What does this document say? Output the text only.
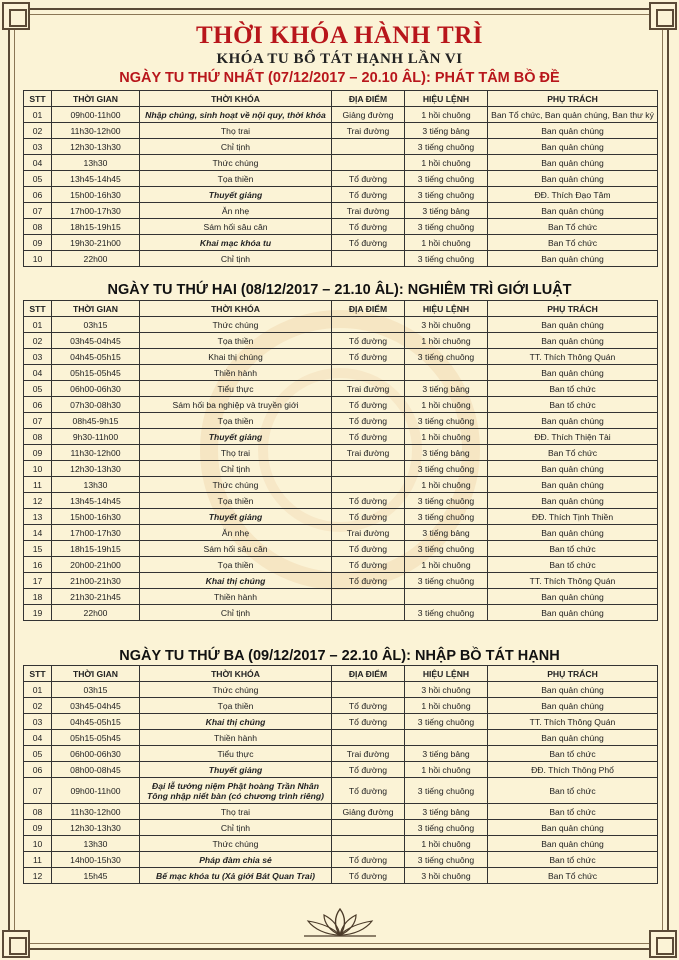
THỜI KHÓA HÀNH TRÌ
KHÓA TU BỔ TÁT HẠNH LẦN VI
NGÀY TU THỨ NHẤT (07/12/2017 – 20.10 ÂL): PHÁT TÂM BỒ ĐỀ
STT	THỜI GIAN	THỜI KHÓA	ĐỊA ĐIỂM	HIỆU LỆNH	PHỤ TRÁCH
01	09h00-11h00	Nhập chúng, sinh hoạt về nội quy, thời khóa	Giảng đường	1 hồi chuông	Ban Tổ chức, Ban quản chúng, Ban thư ký
02	11h30-12h00	Thọ trai	Trai đường	3 tiếng bảng	Ban quản chúng
03	12h30-13h30	Chỉ tịnh		3 tiếng chuông	Ban quản chúng
04	13h30	Thức chúng		1 hồi chuông	Ban quản chúng
05	13h45-14h45	Tọa thiền	Tổ đường	3 tiếng chuông	Ban quản chúng
06	15h00-16h30	Thuyết giảng	Tổ đường	3 tiếng chuông	ĐĐ. Thích Đạo Tâm
07	17h00-17h30	Ăn nhẹ	Trai đường	3 tiếng bảng	Ban quản chúng
08	18h15-19h15	Sám hối sâu cân	Tổ đường	3 tiếng chuông	Ban Tổ chức
09	19h30-21h00	Khai mạc khóa tu	Tổ đường	1 hồi chuông	Ban Tổ chức
10	22h00	Chỉ tịnh		3 tiếng chuông	Ban quản chúng
NGÀY TU THỨ HAI (08/12/2017 – 21.10 ÂL): NGHIÊM TRÌ GIỚI LUẬT
STT	THỜI GIAN	THỜI KHÓA	ĐỊA ĐIỂM	HIỆU LỆNH	PHỤ TRÁCH
01	03h15	Thức chúng		3 hồi chuông	Ban quản chúng
02	03h45-04h45	Tọa thiền	Tổ đường	1 hồi chuông	Ban quản chúng
03	04h45-05h15	Khai thị chúng	Tổ đường	3 tiếng chuông	TT. Thích Thông Quán
04	05h15-05h45	Thiền hành			Ban quản chúng
05	06h00-06h30	Tiểu thực	Trai đường	3 tiếng bảng	Ban tổ chức
06	07h30-08h30	Sám hối ba nghiệp và truyền giới	Tổ đường	1 hồi chuông	Ban tổ chức
07	08h45-9h15	Tọa thiền	Tổ đường	3 tiếng chuông	Ban quản chúng
08	9h30-11h00	Thuyết giảng	Tổ đường	1 hồi chuông	ĐĐ. Thích Thiện Tài
09	11h30-12h00	Thọ trai	Trai đường	3 tiếng bảng	Ban Tổ chức
10	12h30-13h30	Chỉ tịnh		3 tiếng chuông	Ban quản chúng
11	13h30	Thức chúng		1 hồi chuông	Ban quản chúng
12	13h45-14h45	Tọa thiền	Tổ đường	3 tiếng chuông	Ban quản chúng
13	15h00-16h30	Thuyết giảng	Tổ đường	3 tiếng chuông	ĐĐ. Thích Tịnh Thiền
14	17h00-17h30	Ăn nhẹ	Trai đường	3 tiếng bảng	Ban quản chúng
15	18h15-19h15	Sám hối sâu cân	Tổ đường	3 tiếng chuông	Ban tổ chức
16	20h00-21h00	Tọa thiền	Tổ đường	1 hồi chuông	Ban tổ chức
17	21h00-21h30	Khai thị chúng	Tổ đường	3 tiếng chuông	TT. Thích Thông Quán
18	21h30-21h45	Thiền hành			Ban quản chúng
19	22h00	Chỉ tịnh		3 tiếng chuông	Ban quản chúng
NGÀY TU THỨ BA (09/12/2017 – 22.10 ÂL): NHẬP BỒ TÁT HẠNH
STT	THỜI GIAN	THỜI KHÓA	ĐỊA ĐIỂM	HIỆU LỆNH	PHỤ TRÁCH
01	03h15	Thức chúng		3 hồi chuông	Ban quản chúng
02	03h45-04h45	Tọa thiền	Tổ đường	1 hồi chuông	Ban quản chúng
03	04h45-05h15	Khai thị chúng	Tổ đường	3 tiếng chuông	TT. Thích Thông Quán
04	05h15-05h45	Thiền hành			Ban quản chúng
05	06h00-06h30	Tiểu thực	Trai đường	3 tiếng bảng	Ban tổ chức
06	08h00-08h45	Thuyết giảng	Tổ đường	1 hồi chuông	ĐĐ. Thích Thông Phổ
07	09h00-11h00	Đại lễ tưởng niệm Phật hoàng Trần Nhân Tông nhập niết bàn (có chương trình riêng)	Tổ đường	3 tiếng chuông	Ban tổ chức
08	11h30-12h00	Thọ trai	Giảng đường	3 tiếng bảng	Ban tổ chức
09	12h30-13h30	Chỉ tịnh		3 tiếng chuông	Ban quản chúng
10	13h30	Thức chúng		1 hồi chuông	Ban quản chúng
11	14h00-15h30	Pháp đàm chia sẻ	Tổ đường	3 tiếng chuông	Ban tổ chức
12	15h45	Bế mạc khóa tu (Xả giới Bát Quan Trai)	Tổ đường	3 hồi chuông	Ban Tổ chức
